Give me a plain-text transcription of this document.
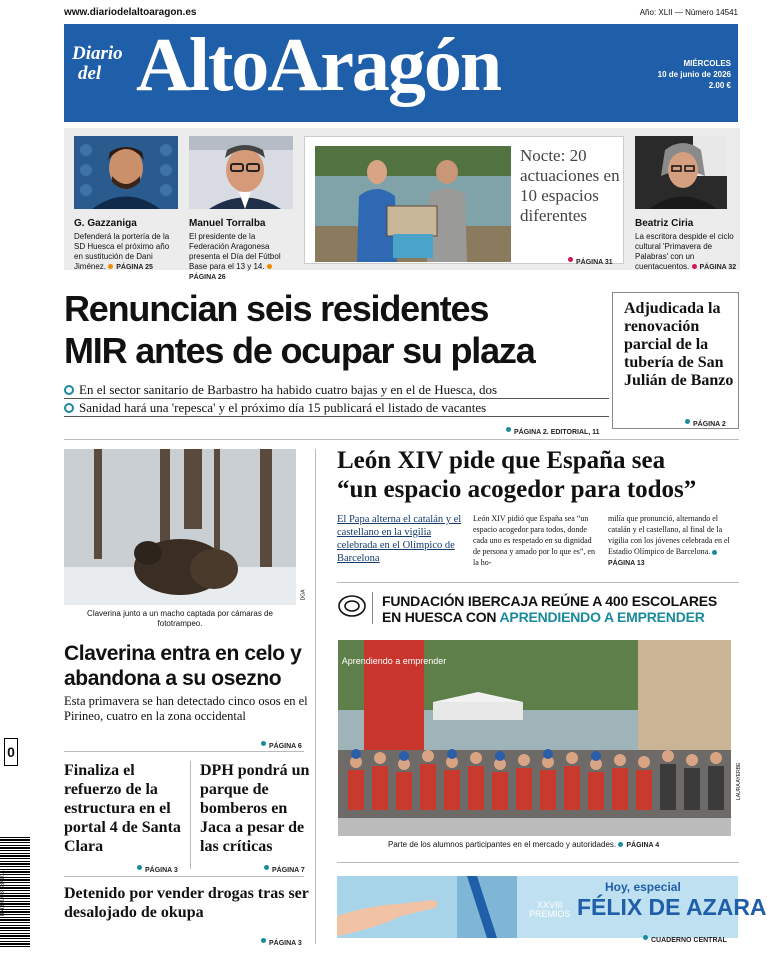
www.diariodelaltoaragon.es	Año: XLII — Número 14541
Diario
del AltoAragón	MIÉRCOLES
10 de junio de 2026
2.00 €
G. Gazzaniga
Defenderá la portería de la SD Huesca el próximo año en sustitución de Dani Jiménez. PÁGINA 25
Manuel Torralba
El presidente de la Federación Aragonesa presenta el Día del Fútbol Base para el 13 y 14. PÁGINA 26
Nocte: 20 actuaciones en 10 espacios diferentes
PÁGINA 31
Beatriz Ciria
La escritora despide el ciclo cultural 'Primavera de Palabras' con un cuentacuentos. PÁGINA 32
Renuncian seis residentes
MIR antes de ocupar su plaza
En el sector sanitario de Barbastro ha habido cuatro bajas y en el de Huesca, dos
Sanidad hará una 'repesca' y el próximo día 15 publicará el listado de vacantes
PÁGINA 2. EDITORIAL, 11
Adjudicada la renovación parcial de la tubería de San Julián de Banzo
PÁGINA 2
DGA
Claverina junto a un macho captada por cámaras de fototrampeo.
Claverina entra en celo y abandona a su osezno
Esta primavera se han detectado cinco osos en el Pirineo, cuatro en la zona occidental
PÁGINA 6
Finaliza el refuerzo de la estructura en el portal 4 de Santa Clara
PÁGINA 3
DPH pondrá un parque de bomberos en Jaca a pesar de las críticas
PÁGINA 7
Detenido por vender drogas tras ser desalojado de okupa
PÁGINA 3
León XIV pide que España sea
“un espacio acogedor para todos”
El Papa alterna el catalán y el castellano en la vigilia celebrada en el Olímpico de Barcelona
León XIV pidió que España sea “un espacio acogedor para todos, donde cada uno es respetado en su dignidad de persona y amado por lo que es”, en la ho-
milía que pronunció, alternando el catalán y el castellano, al final de la vigilia con los jóvenes celebrada en el Estadio Olímpico de Barcelona. PÁGINA 13
FUNDACIÓN IBERCAJA REÚNE A 400 ESCOLARES
EN HUESCA CON APRENDIENDO A EMPRENDER
Aprendiendo a emprender
LAURA AYERBE
Parte de los alumnos participantes en el mercado y autoridades. PÁGINA 4
Hoy, especial
XXVIII
PREMIOS FÉLIX DE AZARA
CUADERNO CENTRAL
0
8 437008 334011
